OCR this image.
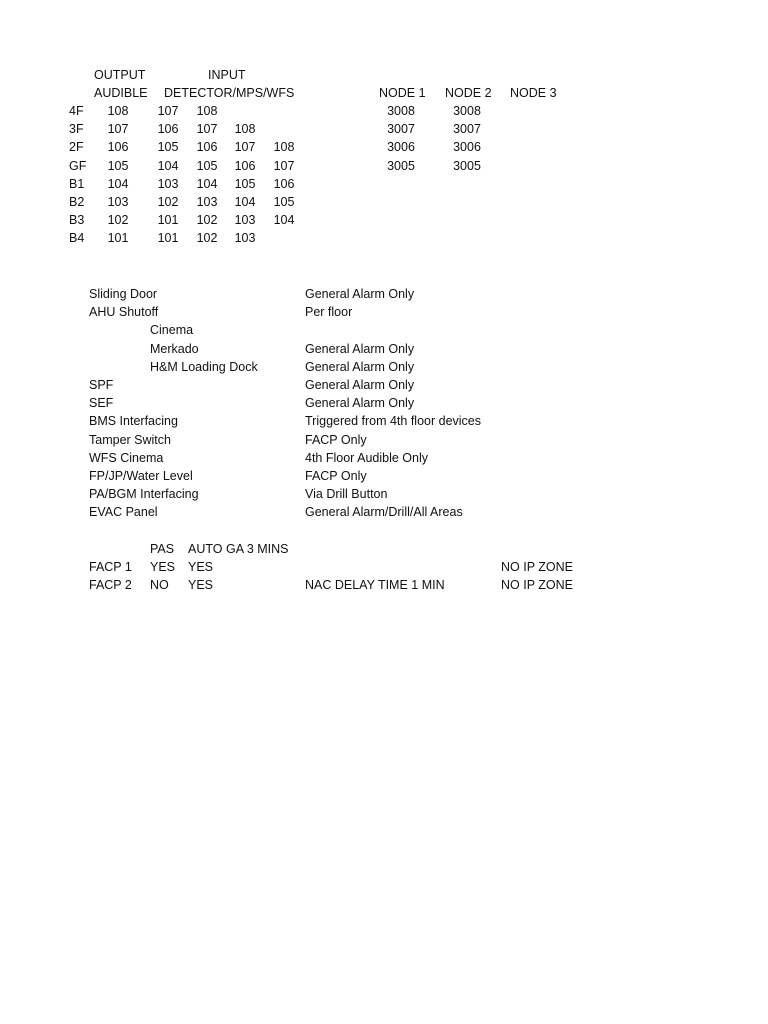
OUTPUT	INPUT
AUDIBLE DETECTOR/MPS/WFS	NODE 1 NODE 2 NODE 3
4F	108	107	108	3008	3008
3F	107	106	107	108	3007	3007
2F	106	105	106	107	108	3006	3006
GF	105	104	105	106	107	3005	3005
B1	104	103	104	105	106
B2	103	102	103	104	105
B3	102	101	102	103	104
B4	101	101	102	103
Sliding Door	General Alarm Only
AHU Shutoff	Per floor
Cinema
Merkado	General Alarm Only
H&M Loading Dock	General Alarm Only
SPF	General Alarm Only
SEF	General Alarm Only
BMS Interfacing	Triggered from 4th floor devices
Tamper Switch	FACP Only
WFS Cinema	4th Floor Audible Only
FP/JP/Water Level	FACP Only
PA/BGM Interfacing	Via Drill Button
EVAC Panel	General Alarm/Drill/All Areas
PAS AUTO GA 3 MINS
FACP 1 YES YES	NO IP ZONE
FACP 2 NO YES	NAC DELAY TIME 1 MIN	NO IP ZONE
